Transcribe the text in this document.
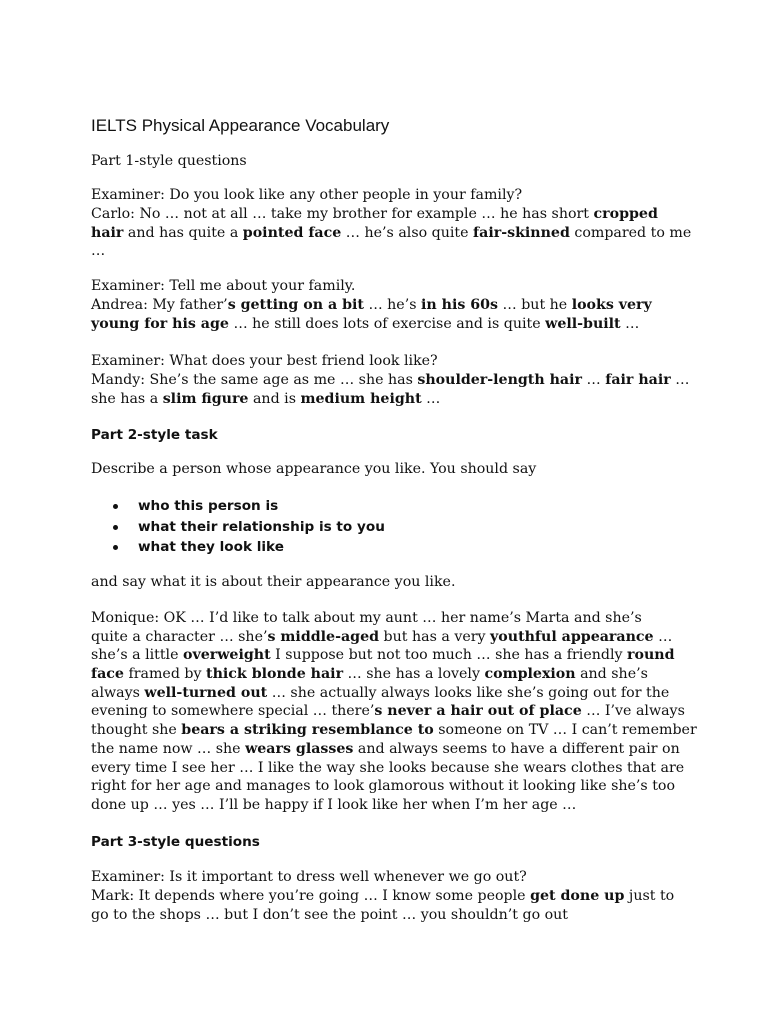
IELTS Physical Appearance Vocabulary

Part 1-style questions

Examiner: Do you look like any other people in your family?

Carlo: No … not at all … take my brother for example … he has short cropped
hair and has quite a pointed face … he’s also quite fair-skinned compared to me
…

Examiner: Tell me about your family.

Andrea: My father’s getting on a bit … he’s in his 60s … but he looks very
young for his age … he still does lots of exercise and is quite well-built …

Examiner: What does your best friend look like?

Mandy: She’s the same age as me … she has shoulder-length hair … fair hair …
she has a slim figure and is medium height …

Part 2-style task

Describe a person whose appearance you like. You should say

who this person is
what their relationship is to you
what they look like

and say what it is about their appearance you like.

Monique: OK … I’d like to talk about my aunt … her name’s Marta and she’s
quite a character … she’s middle-aged but has a very youthful appearance …
she’s a little overweight I suppose but not too much … she has a friendly round
face framed by thick blonde hair … she has a lovely complexion and she’s
always well-turned out … she actually always looks like she’s going out for the
evening to somewhere special … there’s never a hair out of place … I’ve always
thought she bears a striking resemblance to someone on TV … I can’t remember
the name now … she wears glasses and always seems to have a different pair on
every time I see her … I like the way she looks because she wears clothes that are
right for her age and manages to look glamorous without it looking like she’s too
done up … yes … I’ll be happy if I look like her when I’m her age …

Part 3-style questions

Examiner: Is it important to dress well whenever we go out?

Mark: It depends where you’re going … I know some people get done up just to
go to the shops … but I don’t see the point … you shouldn’t go out
